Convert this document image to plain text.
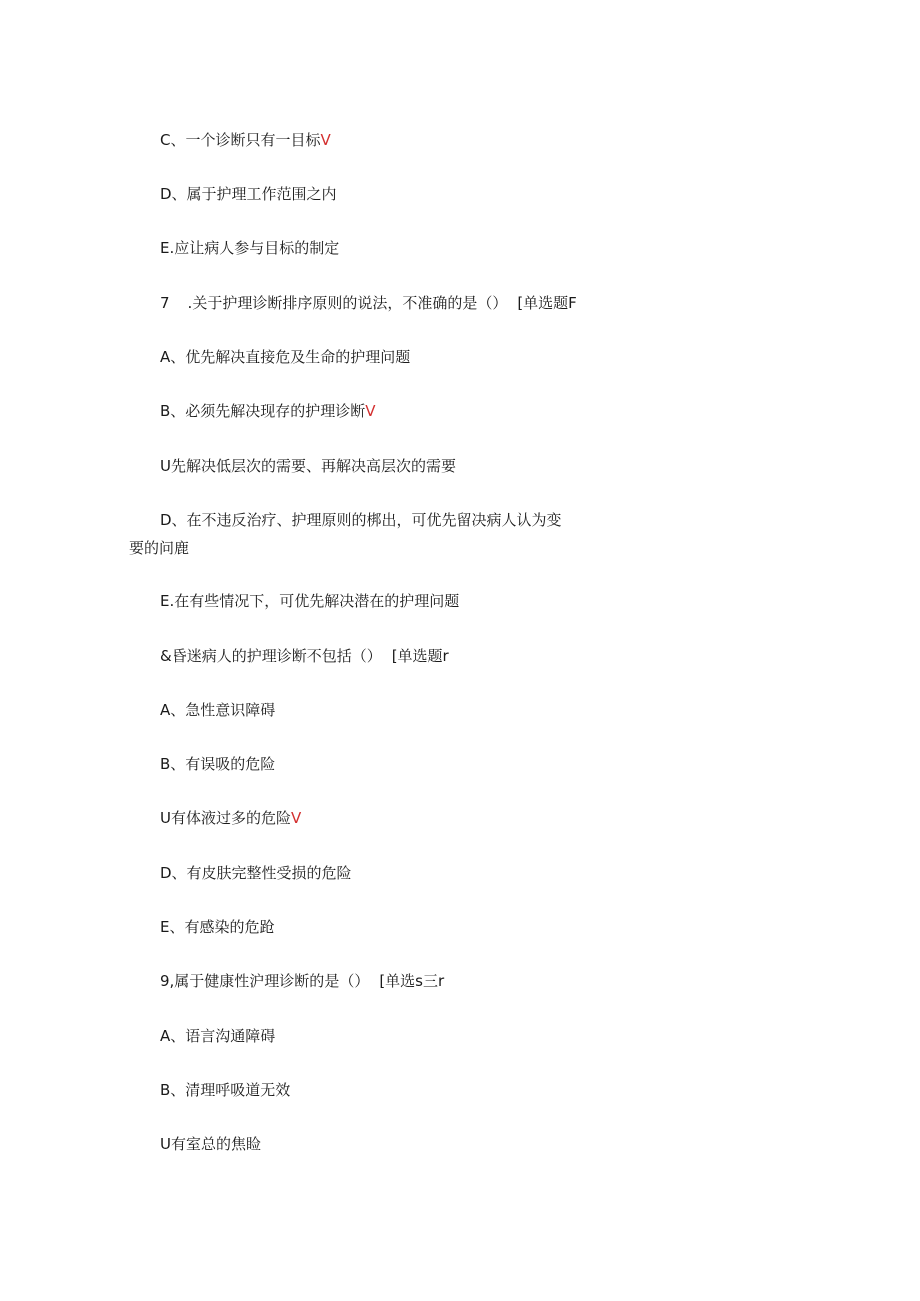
C、一个诊断只有一目标V
D、属于护理工作范围之内
E.应让病人参与目标的制定
7 .关于护理诊断排序原则的说法，不准确的是（） [单选题F
A、优先解决直接危及生命的护理问题
B、必须先解决现存的护理诊断V
U先解决低层次的需要、再解决高层次的需要
D、在不违反治疗、护理原则的梆出，可优先留决病人认为变
要的问鹿
E.在有些情况下，可优先解决潜在的护理问题
&昏迷病人的护理诊断不包括（） [单选题r
A、急性意识障碍
B、有误吸的危险
U有体液过多的危险V
D、有皮肤完整性受损的危险
E、有感染的危跄
9,属于健康性沪理诊断的是（） [单选s三r
A、语言沟通障碍
B、清理呼吸道无效
U有室总的焦睑
